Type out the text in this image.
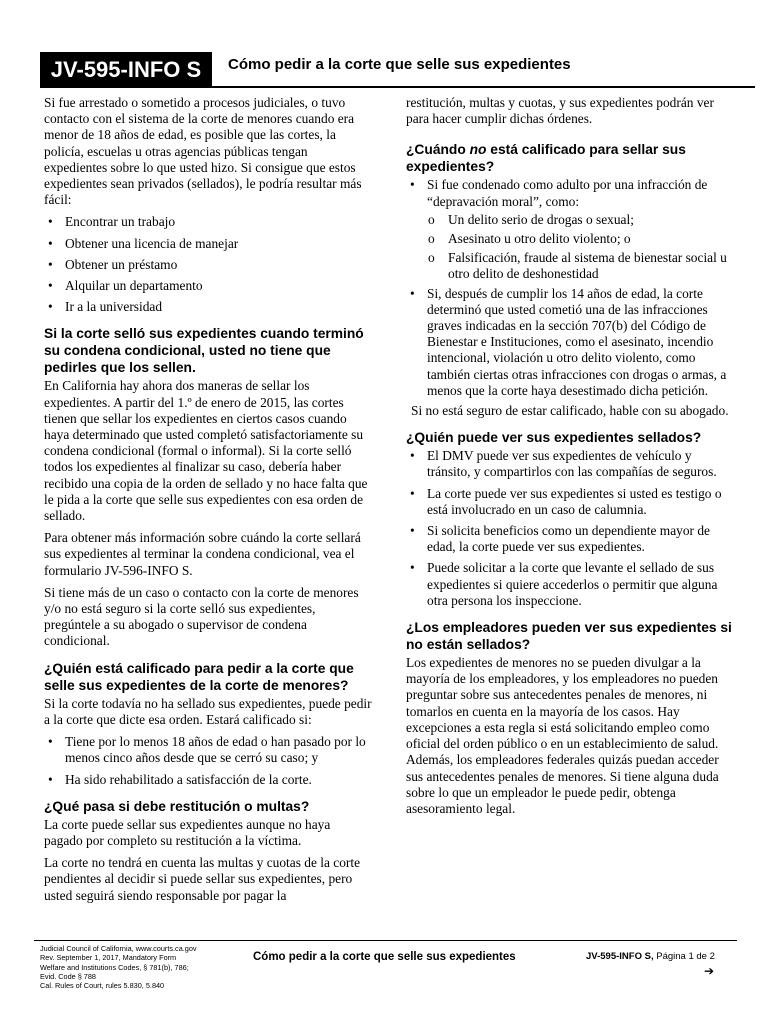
JV-595-INFO S	Cómo pedir a la corte que selle sus expedientes

Si fue arrestado o sometido a procesos judiciales, o tuvo contacto con el sistema de la corte de menores cuando era menor de 18 años de edad, es posible que las cortes, la policía, escuelas u otras agencias públicas tengan expedientes sobre lo que usted hizo. Si consigue que estos expedientes sean privados (sellados), le podría resultar más fácil:

• Encontrar un trabajo
• Obtener una licencia de manejar
• Obtener un préstamo
• Alquilar un departamento
• Ir a la universidad
Si la corte selló sus expedientes cuando terminó su condena condicional, usted no tiene que pedirles que los sellen.

En California hay ahora dos maneras de sellar los expedientes. A partir del 1.º de enero de 2015, las cortes tienen que sellar los expedientes en ciertos casos cuando haya determinado que usted completó satisfactoriamente su condena condicional (formal o informal). Si la corte selló todos los expedientes al finalizar su caso, debería haber recibido una copia de la orden de sellado y no hace falta que le pida a la corte que selle sus expedientes con esa orden de sellado.

Para obtener más información sobre cuándo la corte sellará sus expedientes al terminar la condena condicional, vea el formulario JV-596-INFO S.

Si tiene más de un caso o contacto con la corte de menores y/o no está seguro si la corte selló sus expedientes, pregúntele a su abogado o supervisor de condena condicional.

¿Quién está calificado para pedir a la corte que selle sus expedientes de la corte de menores?

Si la corte todavía no ha sellado sus expedientes, puede pedir a la corte que dicte esa orden. Estará calificado si:

• Tiene por lo menos 18 años de edad o han pasado por lo menos cinco años desde que se cerró su caso; y
• Ha sido rehabilitado a satisfacción de la corte.
¿Qué pasa si debe restitución o multas?

La corte puede sellar sus expedientes aunque no haya pagado por completo su restitución a la víctima.

La corte no tendrá en cuenta las multas y cuotas de la corte pendientes al decidir si puede sellar sus expedientes, pero usted seguirá siendo responsable por pagar la

restitución, multas y cuotas, y sus expedientes podrán ver para hacer cumplir dichas órdenes.

¿Cuándo no está calificado para sellar sus expedientes?
• Si fue condenado como adulto por una infracción de “depravación moral”, como:
o Un delito serio de drogas o sexual;
o Asesinato u otro delito violento; o
o Falsificación, fraude al sistema de bienestar social u otro delito de deshonestidad
• Si, después de cumplir los 14 años de edad, la corte determinó que usted cometió una de las infracciones graves indicadas en la sección 707(b) del Código de Bienestar e Instituciones, como el asesinato, incendio intencional, violación u otro delito violento, como también ciertas otras infracciones con drogas o armas, a menos que la corte haya desestimado dicha petición.

Si no está seguro de estar calificado, hable con su abogado.

¿Quién puede ver sus expedientes sellados?
• El DMV puede ver sus expedientes de vehículo y tránsito, y compartirlos con las compañías de seguros.
• La corte puede ver sus expedientes si usted es testigo o está involucrado en un caso de calumnia.
• Si solicita beneficios como un dependiente mayor de edad, la corte puede ver sus expedientes.
• Puede solicitar a la corte que levante el sellado de sus expedientes si quiere accederlos o permitir que alguna otra persona los inspeccione.
¿Los empleadores pueden ver sus expedientes si no están sellados?

Los expedientes de menores no se pueden divulgar a la mayoría de los empleadores, y los empleadores no pueden preguntar sobre sus antecedentes penales de menores, ni tomarlos en cuenta en la mayoría de los casos. Hay excepciones a esta regla si está solicitando empleo como oficial del orden público o en un establecimiento de salud. Además, los empleadores federales quizás puedan acceder sus antecedentes penales de menores. Si tiene alguna duda sobre lo que un empleador le puede pedir, obtenga asesoramiento legal.

Judicial Council of California, www.courts.ca.gov
Rev. September 1, 2017, Mandatory Form
Welfare and Institutions Codes, § 781(b), 786;
Evid. Code § 788
Cal. Rules of Court, rules 5.830, 5.840
Cómo pedir a la corte que selle sus expedientes	JV-595-INFO S, Página 1 de 2
➔
